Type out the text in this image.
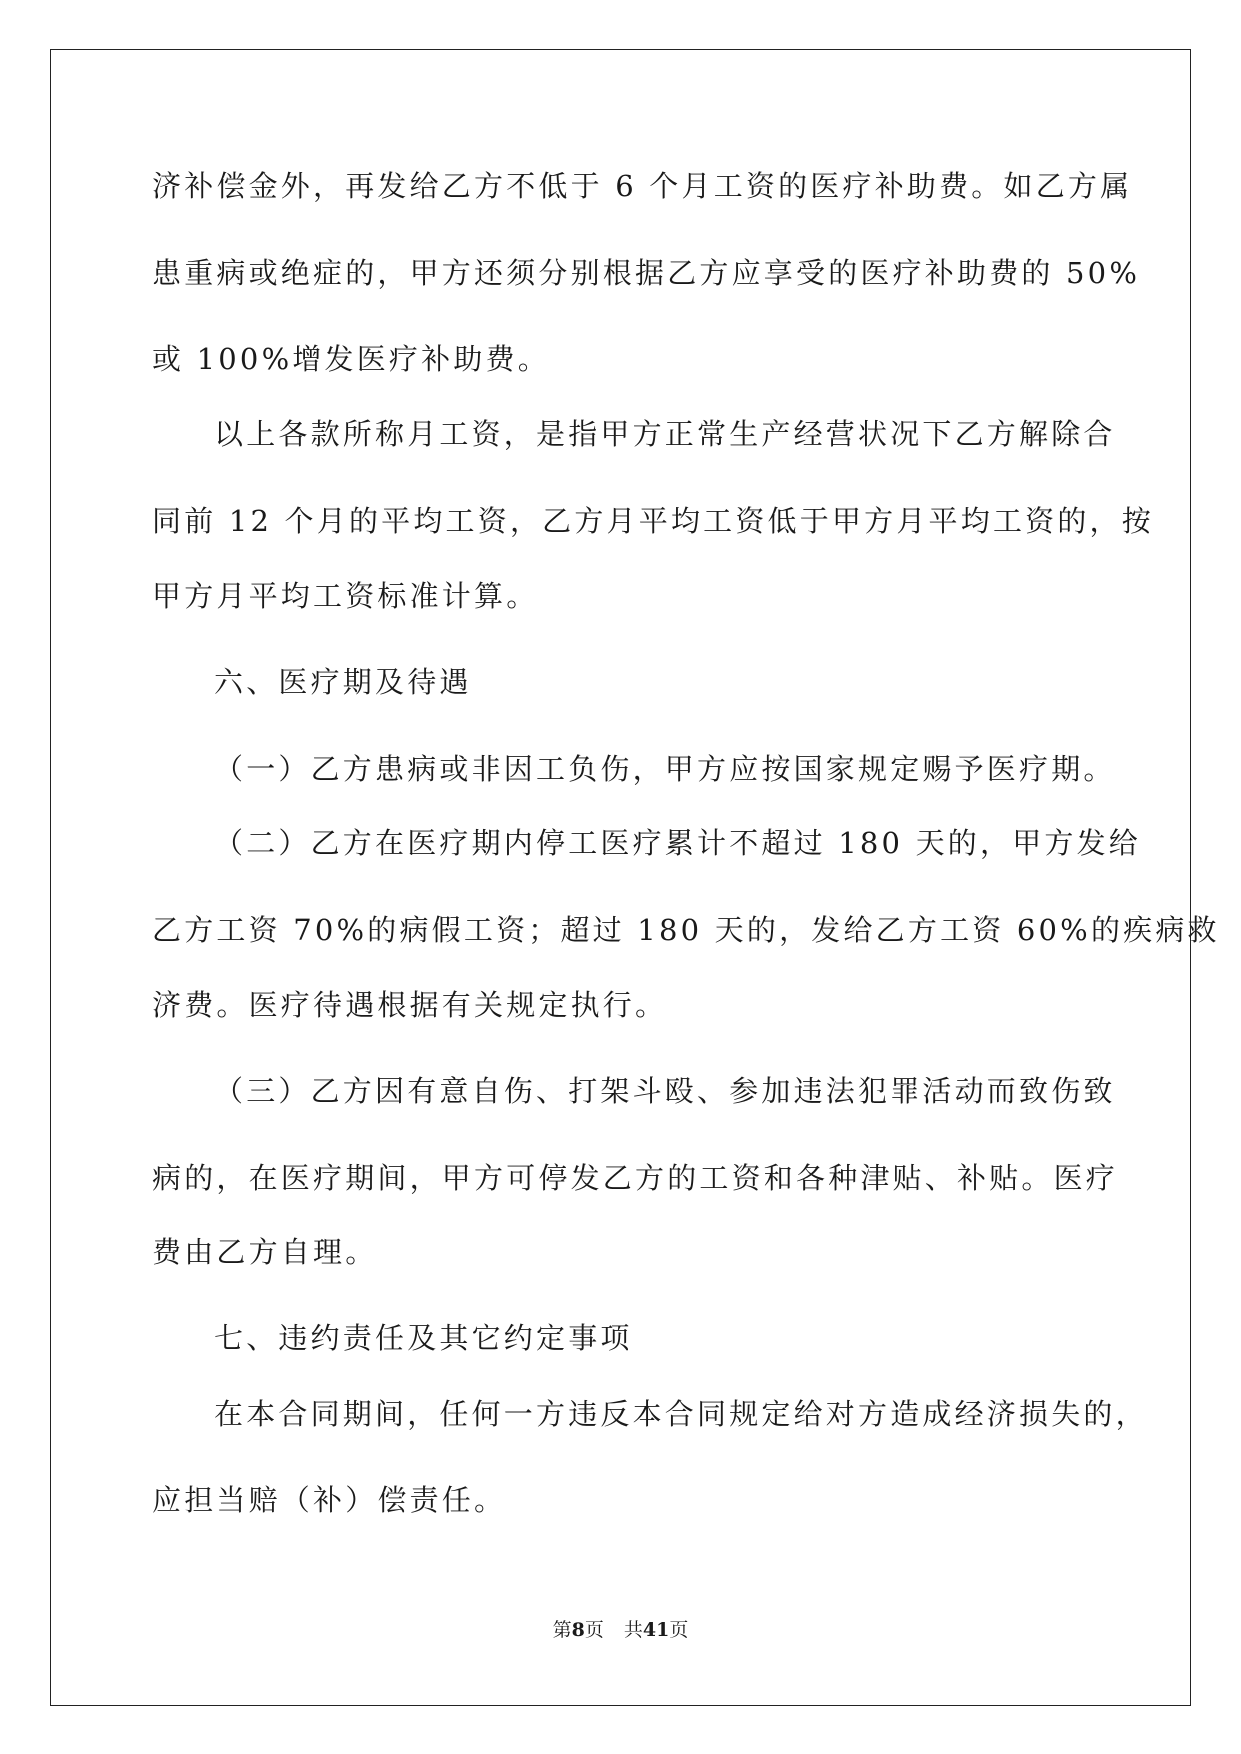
济补偿金外，再发给乙方不低于 6 个月工资的医疗补助费。如乙方属
患重病或绝症的，甲方还须分别根据乙方应享受的医疗补助费的 50%
或 100%增发医疗补助费。
以上各款所称月工资，是指甲方正常生产经营状况下乙方解除合
同前 12 个月的平均工资，乙方月平均工资低于甲方月平均工资的，按
甲方月平均工资标准计算。
六、医疗期及待遇
（一）乙方患病或非因工负伤，甲方应按国家规定赐予医疗期。
（二）乙方在医疗期内停工医疗累计不超过 180 天的，甲方发给
乙方工资 70%的病假工资；超过 180 天的，发给乙方工资 60%的疾病救
济费。医疗待遇根据有关规定执行。
（三）乙方因有意自伤、打架斗殴、参加违法犯罪活动而致伤致
病的，在医疗期间，甲方可停发乙方的工资和各种津贴、补贴。医疗
费由乙方自理。
七、违约责任及其它约定事项
在本合同期间，任何一方违反本合同规定给对方造成经济损失的，
应担当赔（补）偿责任。
第8页 共41页
